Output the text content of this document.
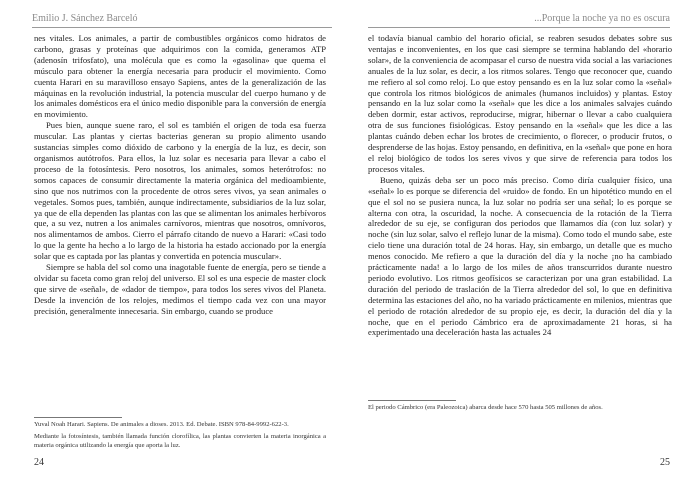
Emilio J. Sánchez Barceló

nes vitales. Los animales, a partir de combustibles orgánicos como hidratos de carbono, grasas y proteínas que adquirimos con la comida, generamos ATP (adenosín trifosfato), una molécula que es como la «gasolina» que quema el músculo para obtener la energía necesaria para producir el movimiento. Como cuenta Harari en su maravilloso ensayo Sapiens, antes de la generalización de las máquinas en la revolución industrial, la potencia muscular del cuerpo humano y de los animales domésticos era el único medio disponible para la conversión de energía en movimiento.

Pues bien, aunque suene raro, el sol es también el origen de toda esa fuerza muscular. Las plantas y ciertas bacterias generan su propio alimento usando sustancias simples como dióxido de carbono y la energía de la luz, es decir, son organismos autótrofos. Para ellos, la luz solar es necesaria para llevar a cabo el proceso de la fotosíntesis. Pero nosotros, los animales, somos heterótrofos: no somos capaces de consumir directamente la materia orgánica del medioambiente, sino que nos nutrimos con la procedente de otros seres vivos, ya sean animales o vegetales. Somos pues, también, aunque indirectamente, subsidiarios de la luz solar, ya que de ella dependen las plantas con las que se alimentan los animales herbívoros que, a su vez, nutren a los animales carnívoros, mientras que nosotros, omnívoros, nos alimentamos de ambos. Cierro el párrafo citando de nuevo a Harari: «Casi todo lo que la gente ha hecho a lo largo de la historia ha estado accionado por la energía solar que es captada por las plantas y convertida en potencia muscular».

Siempre se habla del sol como una inagotable fuente de energía, pero se tiende a olvidar su faceta como gran reloj del universo. El sol es una especie de master clock que sirve de «señal», de «dador de tiempo», para todos los seres vivos del Planeta. Desde la invención de los relojes, medimos el tiempo cada vez con una mayor precisión, generalmente innecesaria. Sin embargo, cuando se produce

Yuval Noah Harari. Sapiens. De animales a dioses. 2013. Ed. Debate. ISBN 978-84-9992-622-3.

Mediante la fotosíntesis, también llamada función clorofílica, las plantas convierten la materia inorgánica a materia orgánica utilizando la energía que aporta la luz.

24
...Porque la noche ya no es oscura

el todavía bianual cambio del horario oficial, se reabren sesudos debates sobre sus ventajas e inconvenientes, en los que casi siempre se termina hablando del «horario solar», de la conveniencia de acompasar el curso de nuestra vida social a las variaciones anuales de la luz solar, es decir, a los ritmos solares. Tengo que reconocer que, cuando me refiero al sol como reloj. Lo que estoy pensando es en la luz solar como la «señal» que controla los ritmos biológicos de animales (humanos incluidos) y plantas. Estoy pensando en la luz solar como la «señal» que les dice a los animales salvajes cuándo deben dormir, estar activos, reproducirse, migrar, hibernar o llevar a cabo cualquiera otra de sus funciones fisiológicas. Estoy pensando en la «señal» que les dice a las plantas cuándo deben echar los brotes de crecimiento, o florecer, o producir frutos, o desprenderse de las hojas. Estoy pensando, en definitiva, en la «señal» que pone en hora el reloj biológico de todos los seres vivos y que sirve de referencia para todos los procesos vitales.

Bueno, quizás deba ser un poco más preciso. Como diría cualquier físico, una «señal» lo es porque se diferencia del «ruido» de fondo. En un hipotético mundo en el que el sol no se pusiera nunca, la luz solar no podría ser una señal; lo es porque se alterna con otra, la oscuridad, la noche. A consecuencia de la rotación de la Tierra alrededor de su eje, se configuran dos periodos que llamamos día (con luz solar) y noche (sin luz solar, salvo el reflejo lunar de la misma). Como todo el mundo sabe, este cielo tiene una duración total de 24 horas. Hay, sin embargo, un detalle que es mucho menos conocido. Me refiero a que la duración del día y la noche ¡no ha cambiado prácticamente nada! a lo largo de los miles de años transcurridos durante nuestro periodo evolutivo. Los ritmos geofísicos se caracterizan por una gran estabilidad. La duración del periodo de traslación de la Tierra alrededor del sol, lo que en definitiva determina las estaciones del año, no ha variado prácticamente en milenios, mientras que el periodo de rotación alrededor de su propio eje, es decir, la duración del día y la noche, que en el periodo Cámbrico era de aproximadamente 21 horas, si ha experimentado una deceleración hasta las actuales 24

El periodo Cámbrico (era Paleozoica) abarca desde hace 570 hasta 505 millones de años.

25
